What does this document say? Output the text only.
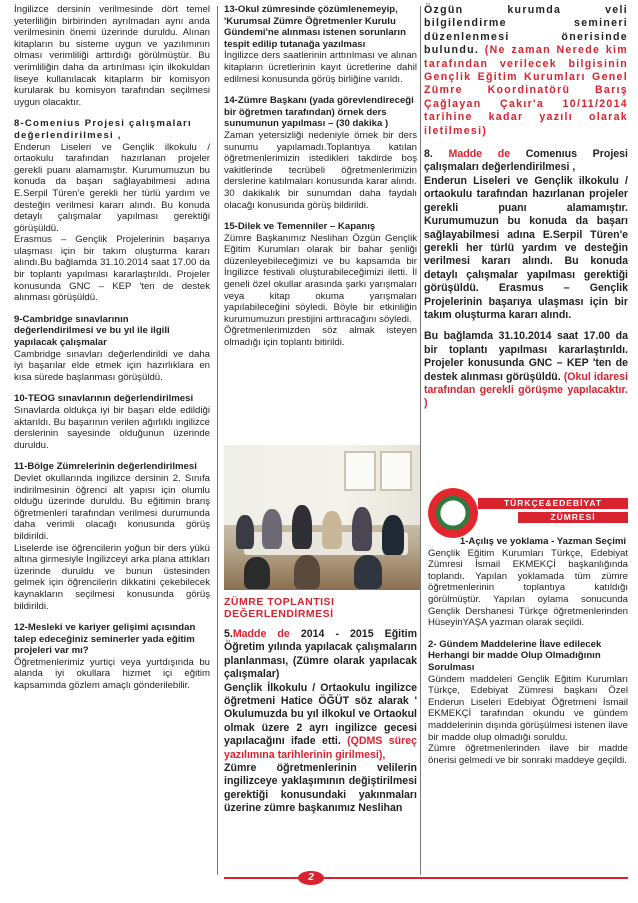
İngilizce dersinin verilmesinde dört temel yeterliliğin birbirinden ayrılmadan aynı anda verilmesinin önemi üzerinde duruldu. Alınan kitapların bu sisteme uygun ve yazılımının olması verimliliği arttırdığı görülmüştür. Bu verimliliğin daha da artırılması için ilkokuldan liseye kullanılacak kitapların bir komisyon kurularak bu komisyon tarafından seçilmesi uygun olacaktır.

8-Comenius Projesi çalışmaları değerlendirilmesi ,

Enderun Liseleri ve Gençlik ilkokulu / ortaokulu tarafından hazırlanan projeler gerekli puanı alamamıştır. Kurumumuzun bu konuda da başarı sağlayabilmesi adına E.Serpil Türen'e gerekli her türlü yardım ve desteğin verilmesi kararı alındı. Bu konuda detaylı çalışmalar yapılması gerektiği görüşüldü.

Erasmus – Gençlik Projelerinin başarıya ulaşması için bir takım oluşturma kararı alındı.Bu bağlamda 31.10.2014 saat 17.00 da bir toplantı yapılması kararlaştırıldı. Projeler konusunda GNC – KEP 'ten de destek alınması görüşüldü.

9-Cambridge sınavlarının değerlendirilmesi ve bu yıl ile ilgili yapılacak çalışmalar

Cambridge sınavları değerlendirildi ve daha iyi başarılar elde etmek için hazırlıklara en kısa sürede başlanması görüşüldü.

10-TEOG sınavlarının değerlendirilmesi

Sınavlarda oldukça iyi bir başarı elde edildiği aktarıldı. Bu başarının verilen ağırlıklı ingilizce derslerinin sayesinde olduğunun üzerinde duruldu.

11-Bölge Zümrelerinin değerlendirilmesi

Devlet okullarında ingilizce dersinin 2. Sınıfa indirilmesinin öğrenci alt yapısı için olumlu olduğu üzerinde duruldu. Bu eğitimin branş öğretmenleri tarafından verilmesi durumunda daha verimli olacağı konusunda görüş bildirildi.

Liselerde ise öğrencilerin yoğun bir ders yükü altına girmesiyle İngilizceyi arka plana attıkları üzerinde duruldu ve bunun üstesinden gelmek için öğrencilerin dikkatini çekebilecek kaynakların seçilmesi konusunda görüş bildirildi.

12-Mesleki ve kariyer gelişimi açısından talep edeceğiniz seminerler yada eğitim projeleri var mı?

Öğretmenlerimiz yurtiçi veya yurtdışında bu alanda iyi okullara hizmet içi eğitim kapsamında gözlem amaçlı gönderilebilir.

13-Okul zümresinde çözümlenemeyip, 'Kurumsal Zümre Öğretmenler Kurulu Gündemi'ne alınması istenen sorunların tespit edilip tutanağa yazılması

İngilizce ders saatlerinin arttırılması ve alınan kitapların ücretlerinin kayıt ücretlerine dahil edilmesi konusunda görüş birliğine varıldı.

14-Zümre Başkanı (yada görevlendireceği bir öğretmen tarafından) örnek ders sunumunun yapılması – (30 dakika )

Zaman yetersizliği nedeniyle örnek bir ders sunumu yapılamadı.Toplantıya katılan öğretmenlerimizin istedikleri takdirde boş vakitlerinde tecrübeli öğretmenlerimizin derslerine katılmaları konusunda karar alındı. 30 dakikalık bir sunumdan daha faydalı olacağı konusunda görüş bildirildi.

15-Dilek ve Temenniler – Kapanış

Zümre Başkanımız Neslihan Özgün Gençlik Eğitim Kurumları olarak bir bahar şenliği düzenleyebileceğimizi ve bu kapsamda bir İngilizce festivali oluşturabileceğimizi iletti. İl geneli özel okullar arasında şarkı yarışmaları veya kitap okuma yarışmaları yapılabileceğini söyledi. Böyle bir etkinliğin kurumumuzun prestijini arttıracağını söyledi.

Öğretmenlerimizden söz almak isteyen olmadığı için toplantı bitirildi.

ZÜMRE TOPLANTISI DEĞERLENDİRMESİ

5.Madde de 2014 - 2015 Eğitim Öğretim yılında yapılacak çalışmaların planlanması, (Zümre olarak yapılacak çalışmalar)

Gençlik İlkokulu / Ortaokulu ingilizce öğretmeni Hatice ÖĞÜT söz alarak ' Okulumuzda bu yıl ilkokul ve Ortaokul olmak üzere 2 ayrı ingilizce gecesi yapılacağını ifade etti. (QDMS süreç yazılımına tarihlerinin girilmesi),

Zümre öğretmenlerinin velilerin ingilizceye yaklaşımının değiştirilmesi gerektiği konusundaki yakınmaları üzerine zümre başkanımız Neslihan

Özgün kurumda veli bilgilendirme semineri düzenlenmesi önerisinde bulundu. (Ne zaman Nerede kim tarafından verilecek bilgisinin Gençlik Eğitim Kurumları Genel Zümre Koordinatörü Barış Çağlayan Çakır'a 10/11/2014 tarihine kadar yazılı olarak iletilmesi)

8. Madde de Comenıus Projesi çalışmaları değerlendirilmesi ,

Enderun Liseleri ve Gençlik ilkokulu / ortaokulu tarafından hazırlanan projeler gerekli puanı alamamıştır. Kurumumuzun bu konuda da başarı sağlayabilmesi adına E.Serpil Türen'e gerekli her türlü yardım ve desteğin verilmesi kararı alındı. Bu konuda detaylı çalışmalar yapılması gerektiği görüşüldü. Erasmus – Gençlik Projelerinin başarıya ulaşması için bir takım oluşturma kararı alındı.

Bu bağlamda 31.10.2014 saat 17.00 da bir toplantı yapılması kararlaştırıldı. Projeler konusunda GNC – KEP 'ten de destek alınması görüşüldü. (Okul idaresi tarafından gerekli görüşme yapılacaktır. )

TÜRKÇE&EDEBİYAT
ZÜMRESİ

1-Açılış ve yoklama - Yazman Seçimi

Gençlik Eğitim Kurumları Türkçe, Edebiyat Zümresi İsmail EKMEKÇİ başkanlığında toplandı. Yapılan yoklamada tüm zümre öğretmenlerinin toplantıya katıldığı görülmüştür. Yapılan oylama sonucunda Gençlik Dershanesi Türkçe öğretmenlerinden HüseyinYAŞA yazman olarak seçildi.

2- Gündem Maddelerine İlave edilecek Herhangi bir madde Olup Olmadığının Sorulması

Gündem maddeleri Gençlik Eğitim Kurumları Türkçe, Edebiyat Zümresi başkanı Özel Enderun Liseleri Edebiyat Öğretmeni İsmail EKMEKÇİ tarafından okundu ve gündem maddelerinin dışında görüşülmesi istenen ilave bir madde olup olmadığı soruldu.

Zümre öğretmenlerinden ilave bir madde önerisi gelmedi ve bir sonraki maddeye geçildi.

2
